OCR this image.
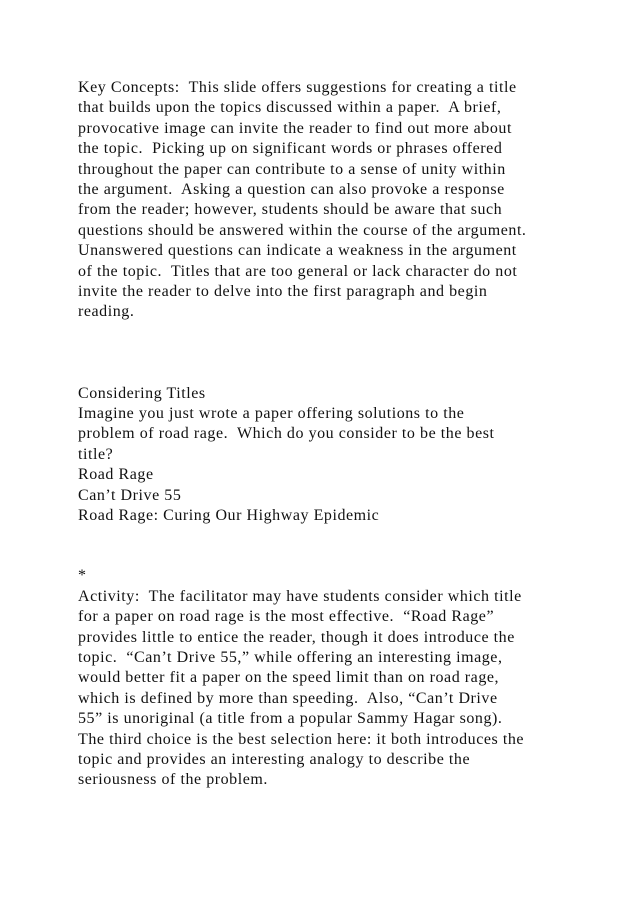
Key Concepts:  This slide offers suggestions for creating a title
that builds upon the topics discussed within a paper.  A brief,
provocative image can invite the reader to find out more about
the topic.  Picking up on significant words or phrases offered
throughout the paper can contribute to a sense of unity within
the argument.  Asking a question can also provoke a response
from the reader; however, students should be aware that such
questions should be answered within the course of the argument.
Unanswered questions can indicate a weakness in the argument
of the topic.  Titles that are too general or lack character do not
invite the reader to delve into the first paragraph and begin
reading.
Considering Titles
Imagine you just wrote a paper offering solutions to the
problem of road rage.  Which do you consider to be the best
title?
Road Rage
Can’t Drive 55
Road Rage: Curing Our Highway Epidemic
*
Activity:  The facilitator may have students consider which title
for a paper on road rage is the most effective.  “Road Rage”
provides little to entice the reader, though it does introduce the
topic.  “Can’t Drive 55,” while offering an interesting image,
would better fit a paper on the speed limit than on road rage,
which is defined by more than speeding.  Also, “Can’t Drive
55” is unoriginal (a title from a popular Sammy Hagar song).
The third choice is the best selection here: it both introduces the
topic and provides an interesting analogy to describe the
seriousness of the problem.
